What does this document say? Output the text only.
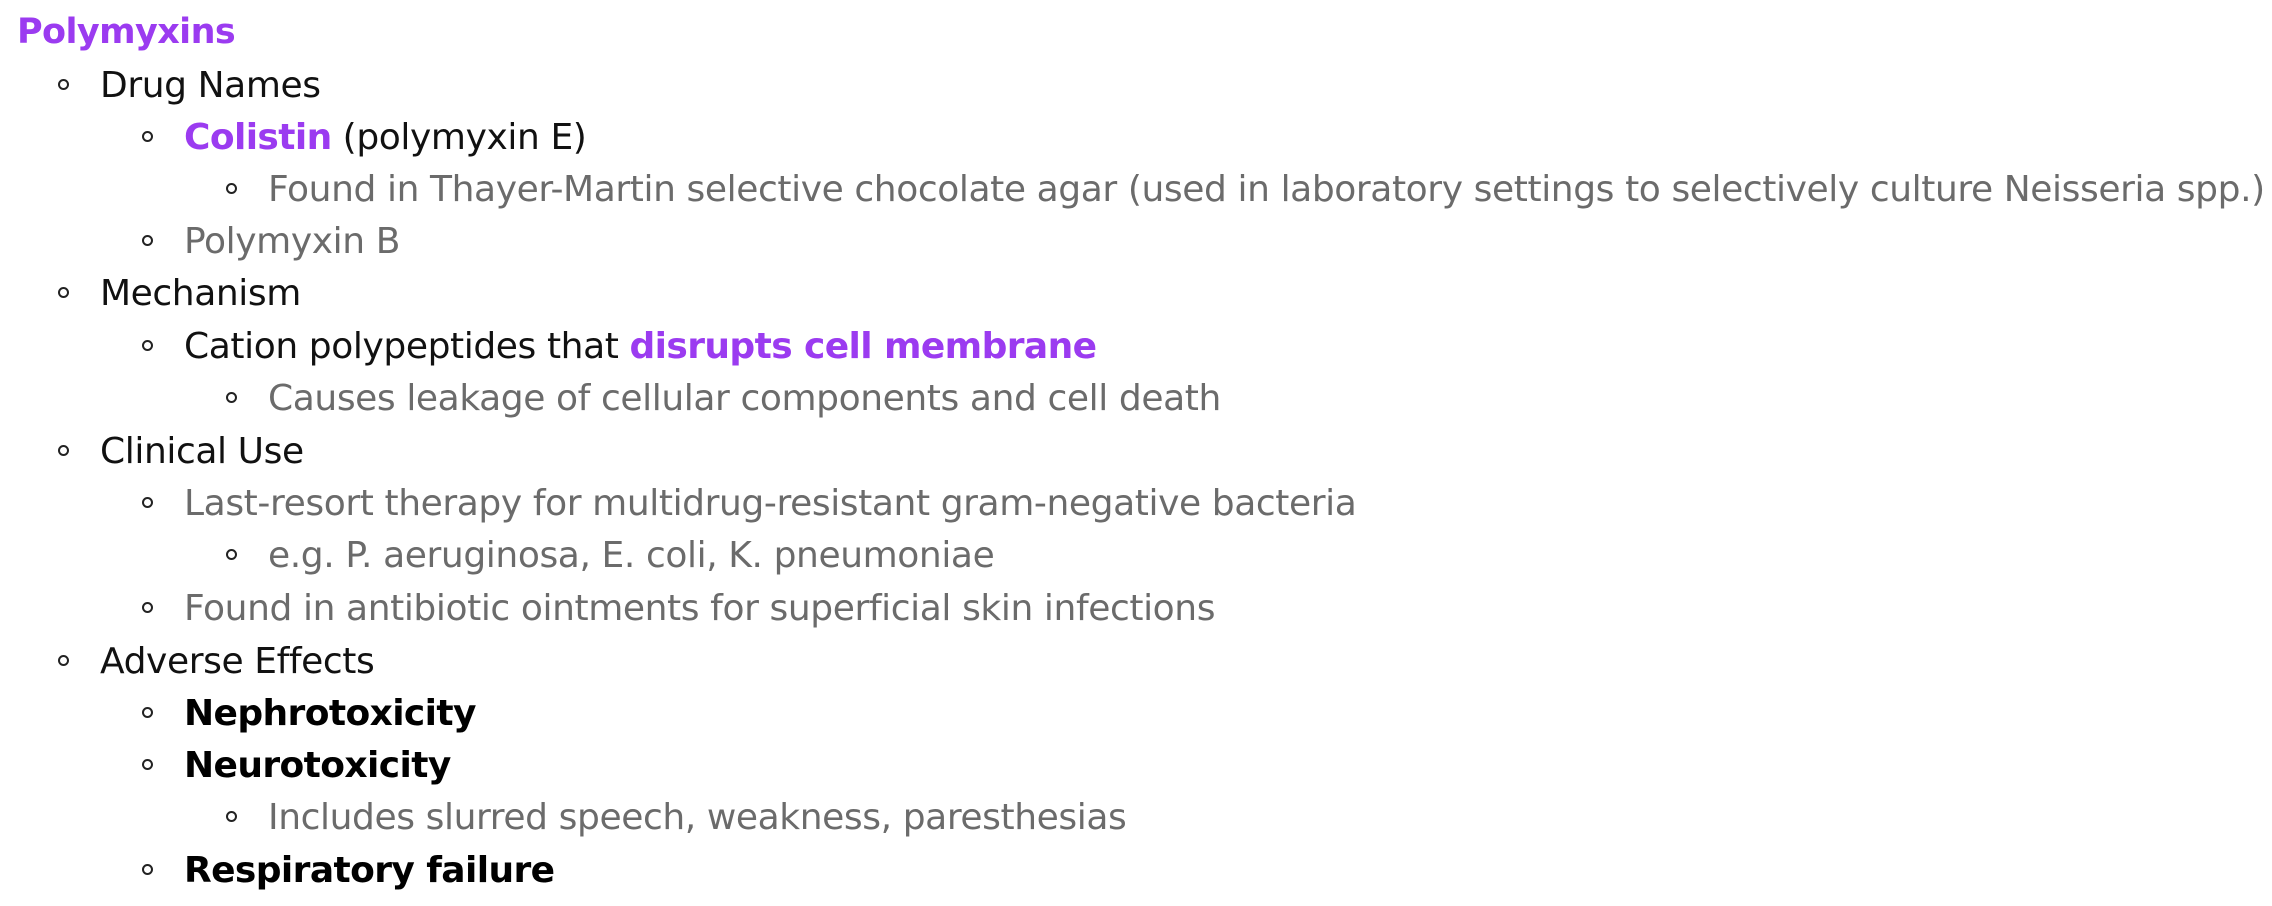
Polymyxins
Drug Names
Colistin (polymyxin E)
Found in Thayer-Martin selective chocolate agar (used in laboratory settings to selectively culture Neisseria spp.)
Polymyxin B
Mechanism
Cation polypeptides that disrupts cell membrane
Causes leakage of cellular components and cell death
Clinical Use
Last-resort therapy for multidrug-resistant gram-negative bacteria
e.g. P. aeruginosa, E. coli, K. pneumoniae
Found in antibiotic ointments for superficial skin infections
Adverse Effects
Nephrotoxicity
Neurotoxicity
Includes slurred speech, weakness, paresthesias
Respiratory failure
